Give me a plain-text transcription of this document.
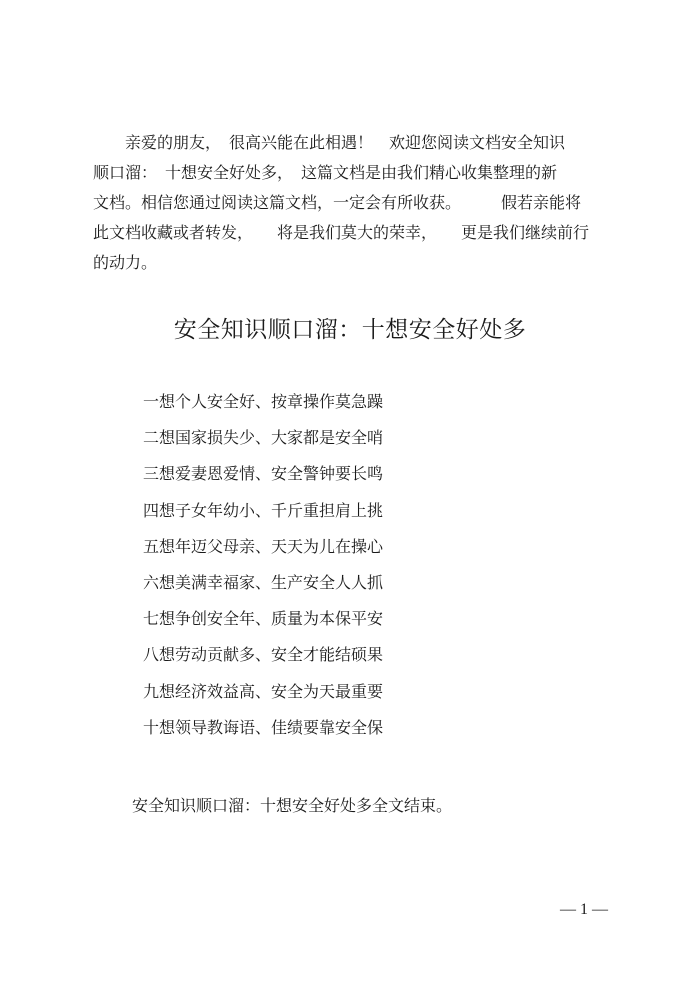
　　亲爱的朋友，　很高兴能在此相遇！　欢迎您阅读文档安全知识
顺口溜：　十想安全好处多，　这篇文档是由我们精心收集整理的新
文档。相信您通过阅读这篇文档，一定会有所收获。　　　假若亲能将
此文档收藏或者转发，　　将是我们莫大的荣幸，　　更是我们继续前行
的动力。
安全知识顺口溜：十想安全好处多
一想个人安全好、按章操作莫急躁
二想国家损失少、大家都是安全哨
三想爱妻恩爱情、安全警钟要长鸣
四想子女年幼小、千斤重担肩上挑
五想年迈父母亲、天天为儿在操心
六想美满幸福家、生产安全人人抓
七想争创安全年、质量为本保平安
八想劳动贡献多、安全才能结硕果
九想经济效益高、安全为天最重要
十想领导教诲语、佳绩要靠安全保
安全知识顺口溜：十想安全好处多全文结束。
— 1 —
